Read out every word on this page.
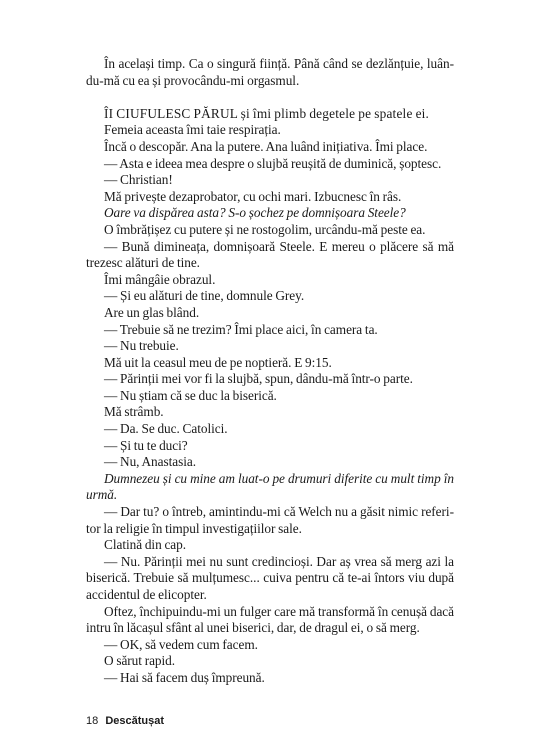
În același timp. Ca o singură ființă. Până când se dezlănțuie, luându-mă cu ea și provocându-mi orgasmul.

ÎI CIUFULESC PĂRUL și îmi plimb degetele pe spatele ei.

Femeia aceasta îmi taie respirația.

Încă o descopăr. Ana la putere. Ana luând inițiativa. Îmi place.

— Asta e ideea mea despre o slujbă reușită de duminică, șoptesc.

— Christian!

Mă privește dezaprobator, cu ochi mari. Izbucnesc în râs.

Oare va dispărea asta? S-o șochez pe domnișoara Steele?

O îmbrățișez cu putere și ne rostogolim, urcându-mă peste ea.

— Bună dimineața, domnișoară Steele. E mereu o plăcere să mă trezesc alături de tine.

Îmi mângâie obrazul.

— Și eu alături de tine, domnule Grey.

Are un glas blând.

— Trebuie să ne trezim? Îmi place aici, în camera ta.

— Nu trebuie.

Mă uit la ceasul meu de pe noptieră. E 9:15.

— Părinții mei vor fi la slujbă, spun, dându-mă într-o parte.

— Nu știam că se duc la biserică.

Mă strâmb.

— Da. Se duc. Catolici.

— Și tu te duci?

— Nu, Anastasia.

Dumnezeu și cu mine am luat-o pe drumuri diferite cu mult timp în urmă.

— Dar tu? o întreb, amintindu-mi că Welch nu a găsit nimic referitor la religie în timpul investigațiilor sale.

Clatină din cap.

— Nu. Părinții mei nu sunt credincioși. Dar aș vrea să merg azi la biserică. Trebuie să mulțumesc... cuiva pentru că te-ai întors viu după accidentul de elicopter.

Oftez, închipuindu-mi un fulger care mă transformă în cenușă dacă intru în lăcașul sfânt al unei biserici, dar, de dragul ei, o să merg.

— OK, să vedem cum facem.

O sărut rapid.

— Hai să facem duș împreună.

18 Descătușat
